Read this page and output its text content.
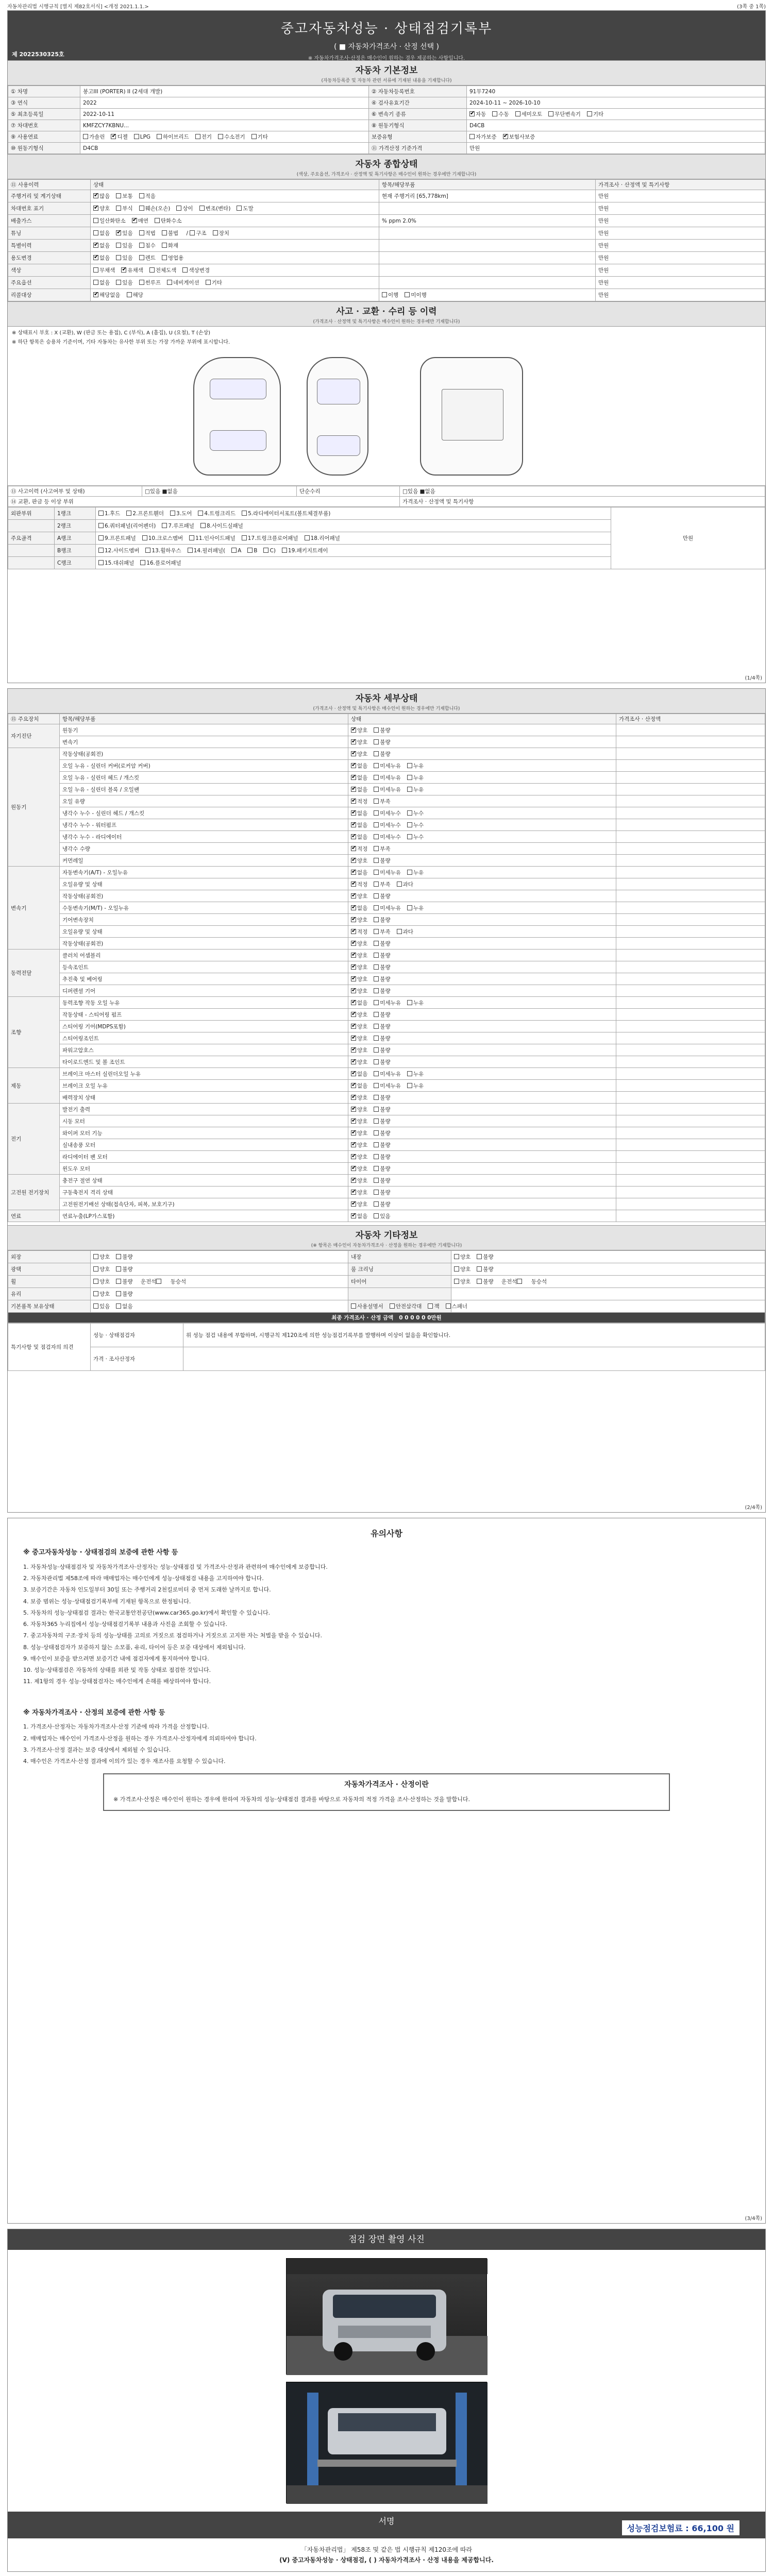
자동차관리법 시행규칙 [별지 제82호서식] <개정 2021.1.1.>	(3쪽 중 1쪽)
중고자동차성능 · 상태점검기록부
( ■ 자동차가격조사 · 산정 선택 )
※ 자동차가격조사·산정은 매수인이 원하는 경우 제공하는 사항입니다.
제 2022530325호
자동차 기본정보
(자동차등록증 및 자동차 관련 서류에 기재된 내용을 기재합니다)
① 차명	봉고III (PORTER) II (2세대 개발)	② 자동차등록번호	91무7240
③ 연식	2022	④ 검사유효기간	2024-10-11 ~ 2026-10-10
⑤ 최초등록일	2022-10-11	⑥ 변속기 종류	✔자동 수동 세미오토 무단변속기 기타
⑦ 차대번호	KMFZCY7KBNU...	⑧ 원동기형식	D4CB
⑨ 사용연료	가솔린 ✔ 디젤 LPG 하이브리드 전기 수소전기 기타	보증유형	자가보증 ✔ 보험사보증
⑩ 원동기형식	D4CB	⑪ 가격산정 기준가격	만원
자동차 종합상태
(색상, 주요옵션, 가격조사 · 산정액 및 특기사항은 매수인이 원하는 경우에만 기재합니다)
⑪ 사용이력	상태	항목/해당부품	가격조사 · 산정액 및 특기사항
주행거리 및 계기상태	✔많음 보통 적음	현재 주행거리 [65,778km]	만원
차대번호 표기	✔양호 부식 훼손(오손) 상이 변조(변타) 도말		만원
배출가스	일산화탄소 ✔ 매연 탄화수소	% ppm 2.0%	만원
튜닝	없음 ✔ 있음 적법 불법 / 구조 장치		만원
특별이력	✔없음 있음 침수 화재		만원
용도변경	✔없음 있음 렌트 영업용		만원
색상	무채색 ✔ 유채색 전체도색 색상변경		만원
주요옵션	없음 있음 썬루프 네비게이션 기타		만원
리콜대상	✔해당없음 해당	이행 미이행	만원
사고 · 교환 · 수리 등 이력
(가격조사 · 산정액 및 특기사항은 매수인이 원하는 경우에만 기재합니다)
※ 상태표시 부호 : X (교환), W (판금 또는 용접), C (부식), A (흠집), U (요철), T (손상)
※ 하단 항목은 승용차 기준이며, 기타 자동차는 유사한 부위 또는 가장 가까운 부위에 표시합니다.
⑬ 사고이력 (사고여부 및 상태)	□있음 ■없음	단순수리	□있음 ■없음
⑭ 교환, 판금 등 이상 부위			가격조사 · 산정액 및 특기사항
외판부위	1랭크	1.후드 2.프론트휀더 3.도어 4.트렁크리드 5.라디에이터서포트(볼트체결부품)	만원
	2랭크	6.쿼터패널(리어펜더) 7.루프패널 8.사이드실패널	
주요골격	A랭크	9.프론트패널 10.크로스멤버 11.인사이드패널 17.트렁크플로어패널 18.리어패널	
	B랭크	12.사이드멤버 13.휠하우스 14.필러패널( A B C) 19.패키지트레이	
	C랭크	15.대쉬패널 16.플로어패널	
(1/4쪽)
자동차 세부상태
(가격조사 · 산정액 및 특기사항은 매수인이 원하는 경우에만 기재합니다)
⑮ 주요장치	항목/해당부품	상태	가격조사 · 산정액
자기진단	원동기	✔양호 불량	
	변속기	✔양호 불량	
원동기	작동상태(공회전)	✔양호 불량	
	오일 누유 - 실린더 커버(로커암 커버)	✔없음 미세누유 누유	
	오일 누유 - 실린더 헤드 / 개스킷	✔없음 미세누유 누유	
	오일 누유 - 실린더 블록 / 오일팬	✔없음 미세누유 누유	
	오일 유량	✔적정 부족	
	냉각수 누수 - 실린더 헤드 / 개스킷	✔없음 미세누수 누수	
	냉각수 누수 - 워터펌프	✔없음 미세누수 누수	
	냉각수 누수 - 라디에이터	✔없음 미세누수 누수	
	냉각수 수량	✔적정 부족	
	커먼레일	✔양호 불량	
변속기	자동변속기(A/T) - 오일누유	✔없음 미세누유 누유	
	오일유량 및 상태	✔적정 부족 과다	
	작동상태(공회전)	✔양호 불량	
	수동변속기(M/T) - 오일누유	✔없음 미세누유 누유	
	기어변속장치	✔양호 불량	
	오일유량 및 상태	✔적정 부족 과다	
	작동상태(공회전)	✔양호 불량	
동력전달	클러치 어셈블리	✔양호 불량	
	등속조인트	✔양호 불량	
	추진축 및 베어링	✔양호 불량	
	디퍼렌셜 기어	✔양호 불량	
조향	동력조향 작동 오일 누유	✔없음 미세누유 누유	
	작동상태 - 스티어링 펌프	✔양호 불량	
	스티어링 기어(MDPS포함)	✔양호 불량	
	스티어링조인트	✔양호 불량	
	파워고압호스	✔양호 불량	
	타이로드엔드 및 볼 조인트	✔양호 불량	
제동	브레이크 마스터 실린더오일 누유	✔없음 미세누유 누유	
	브레이크 오일 누유	✔없음 미세누유 누유	
	배력장치 상태	✔양호 불량	
전기	발전기 출력	✔양호 불량	
	시동 모터	✔양호 불량	
	와이퍼 모터 기능	✔양호 불량	
	실내송풍 모터	✔양호 불량	
	라디에이터 팬 모터	✔양호 불량	
	윈도우 모터	✔양호 불량	
고전원 전기장치	충전구 절연 상태	✔양호 불량	
	구동축전지 격리 상태	✔양호 불량	
	고전원전기배선 상태(접속단자, 피복, 보호기구)	✔양호 불량	
연료	연료누출(LP가스포함)	✔없음 있음	
자동차 기타정보
(※ 항목은 매수인이 자동차가격조사 · 산정을 원하는 경우에만 기재합니다)
외장	양호 불량	내장	양호 불량
광택	양호 불량	룸 크리닝	양호 불량
휠	양호 불량 운전석 동승석	타이어	양호 불량 운전석 동승석
유리	양호 불량		
기본품목 보유상태	있음 없음	사용설명서 안전삼각대 잭 스패너	
최종 가격조사 · 산정 금액 0 0 0 0 0 0만원			
특기사항 및 점검자의 의견	성능 · 상태점검자	위 성능 점검 내용에 부합하며, 시행규칙 제120조에 의한 성능점검기록부를 발행하며 이상이 없음을 확인합니다.
	가격 · 조사산정자	
(2/4쪽)
유의사항
※ 중고자동차성능 · 상태점검의 보증에 관한 사항 등

1. 자동차성능·상태점검자 및 자동차가격조사·산정자는 성능·상태점검 및 가격조사·산정과 관련하여 매수인에게 보증합니다.

2. 자동차관리법 제58조에 따라 매매업자는 매수인에게 성능·상태점검 내용을 고지하여야 합니다.

3. 보증기간은 자동차 인도일부터 30일 또는 주행거리 2천킬로미터 중 먼저 도래한 날까지로 합니다.

4. 보증 범위는 성능·상태점검기록부에 기재된 항목으로 한정됩니다.

5. 자동차의 성능·상태점검 결과는 한국교통안전공단(www.car365.go.kr)에서 확인할 수 있습니다.

6. 자동차365 누리집에서 성능·상태점검기록부 내용과 사진을 조회할 수 있습니다.

7. 중고자동차의 구조·장치 등의 성능·상태를 고의로 거짓으로 점검하거나 거짓으로 고지한 자는 처벌을 받을 수 있습니다.

8. 성능·상태점검자가 보증하지 않는 소모품, 유리, 타이어 등은 보증 대상에서 제외됩니다.

9. 매수인이 보증을 받으려면 보증기간 내에 점검자에게 통지하여야 합니다.

10. 성능·상태점검은 자동차의 상태를 외관 및 작동 상태로 점검한 것입니다.

11. 제1항의 경우 성능·상태점검자는 매수인에게 손해를 배상하여야 합니다.

※ 자동차가격조사 · 산정의 보증에 관한 사항 등

1. 가격조사·산정자는 자동차가격조사·산정 기준에 따라 가격을 산정합니다.

2. 매매업자는 매수인이 가격조사·산정을 원하는 경우 가격조사·산정자에게 의뢰하여야 합니다.

3. 가격조사·산정 결과는 보증 대상에서 제외될 수 있습니다.

4. 매수인은 가격조사·산정 결과에 이의가 있는 경우 재조사를 요청할 수 있습니다.

자동차가격조사 · 산정이란

※ 가격조사·산정은 매수인이 원하는 경우에 한하여 자동차의 성능·상태점검 결과를 바탕으로 자동차의 적정 가격을 조사·산정하는 것을 말합니다.

(3/4쪽)
점검 장면 촬영 사진
서명
성능점검보험료 : 66,100 원
「자동차관리법」 제58조 및 같은 법 시행규칙 제120조에 따라
(V) 중고자동차성능 · 상태점검, ( ) 자동차가격조사 · 산정 내용을 제공합니다.
